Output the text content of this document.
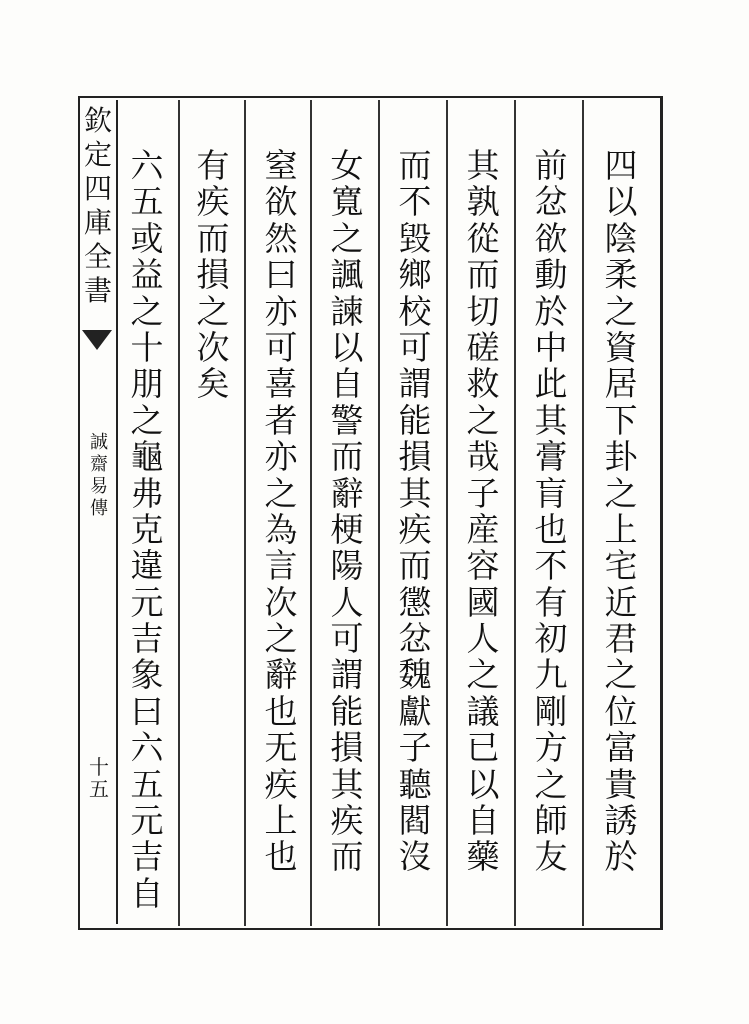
欽
定
四
庫
全
書
誠
齋
易
傳
十
五
四
以
陰
柔
之
資
居
下
卦
之
上
宅
近
君
之
位
富
貴
誘
於
前
忿
欲
動
於
中
此
其
膏
肓
也
不
有
初
九
剛
方
之
師
友
其
孰
從
而
切
磋
救
之
哉
子
産
容
國
人
之
議
已
以
自
藥
而
不
毀
鄉
校
可
謂
能
損
其
疾
而
懲
忿
魏
獻
子
聽
閻
沒
女
寬
之
諷
諫
以
自
警
而
辭
梗
陽
人
可
謂
能
損
其
疾
而
窒
欲
然
曰
亦
可
喜
者
亦
之
為
言
次
之
辭
也
无
疾
上
也
有
疾
而
損
之
次
矣
六
五
或
益
之
十
朋
之
龜
弗
克
違
元
吉
象
曰
六
五
元
吉
自
